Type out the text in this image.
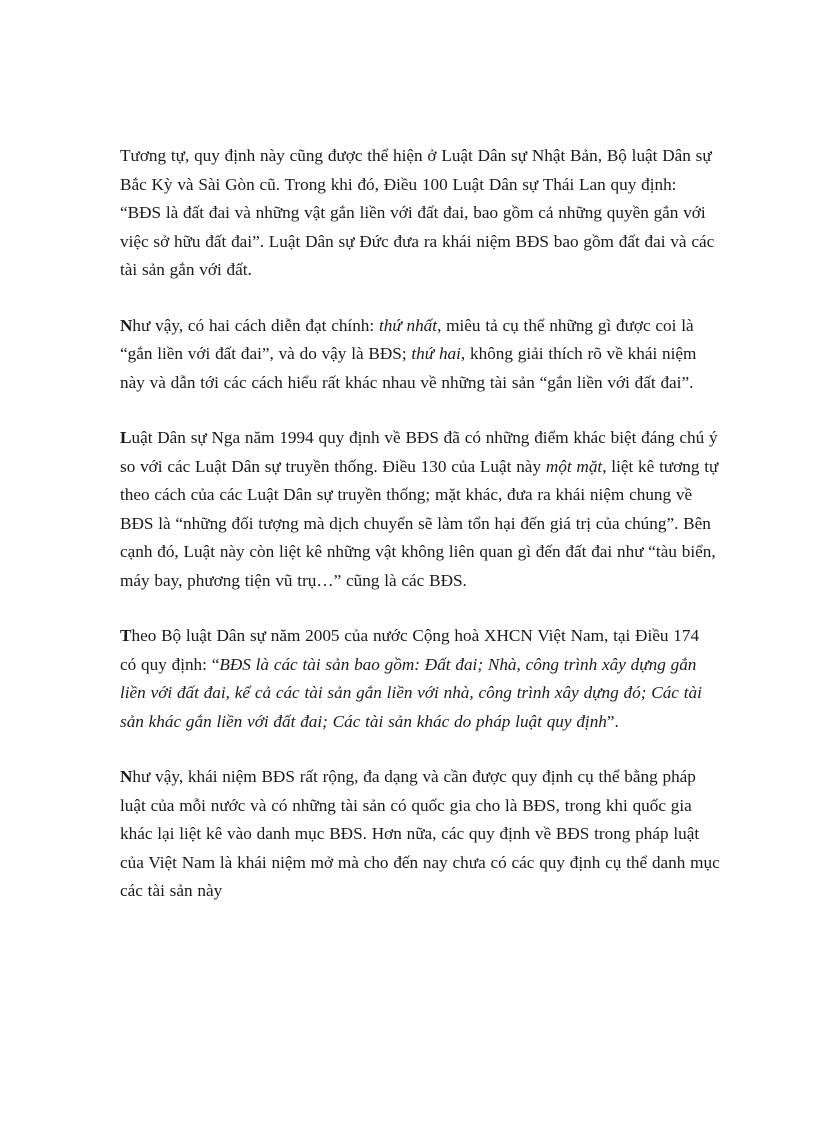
Tương tự, quy định này cũng được thể hiện ở Luật Dân sự Nhật Bản, Bộ luật Dân sự Bắc Kỳ và Sài Gòn cũ. Trong khi đó, Điều 100 Luật Dân sự Thái Lan quy định: “BĐS là đất đai và những vật gắn liền với đất đai, bao gồm cả những quyền gắn với việc sở hữu đất đai”. Luật Dân sự Đức đưa ra khái niệm BĐS bao gồm đất đai và các tài sản gắn với đất.

Như vậy, có hai cách diễn đạt chính: thứ nhất, miêu tả cụ thể những gì được coi là “gắn liền với đất đai”, và do vậy là BĐS; thứ hai, không giải thích rõ về khái niệm này và dẫn tới các cách hiểu rất khác nhau về những tài sản “gắn liền với đất đai”.

Luật Dân sự Nga năm 1994 quy định về BĐS đã có những điểm khác biệt đáng chú ý so với các Luật Dân sự truyền thống. Điều 130 của Luật này một mặt, liệt kê tương tự theo cách của các Luật Dân sự truyền thống; mặt khác, đưa ra khái niệm chung về BĐS là “những đối tượng mà dịch chuyển sẽ làm tổn hại đến giá trị của chúng”. Bên cạnh đó, Luật này còn liệt kê những vật không liên quan gì đến đất đai như “tàu biển, máy bay, phương tiện vũ trụ…” cũng là các BĐS.

Theo Bộ luật Dân sự năm 2005 của nước Cộng hoà XHCN Việt Nam, tại Điều 174 có quy định: “BĐS là các tài sản bao gồm: Đất đai; Nhà, công trình xây dựng gắn liền với đất đai, kể cả các tài sản gắn liền với nhà, công trình xây dựng đó; Các tài sản khác gắn liền với đất đai; Các tài sản khác do pháp luật quy định”.

Như vậy, khái niệm BĐS rất rộng, đa dạng và cần được quy định cụ thể bằng pháp luật của mỗi nước và có những tài sản có quốc gia cho là BĐS, trong khi quốc gia khác lại liệt kê vào danh mục BĐS. Hơn nữa, các quy định về BĐS trong pháp luật của Việt Nam là khái niệm mở mà cho đến nay chưa có các quy định cụ thể danh mục các tài sản này
